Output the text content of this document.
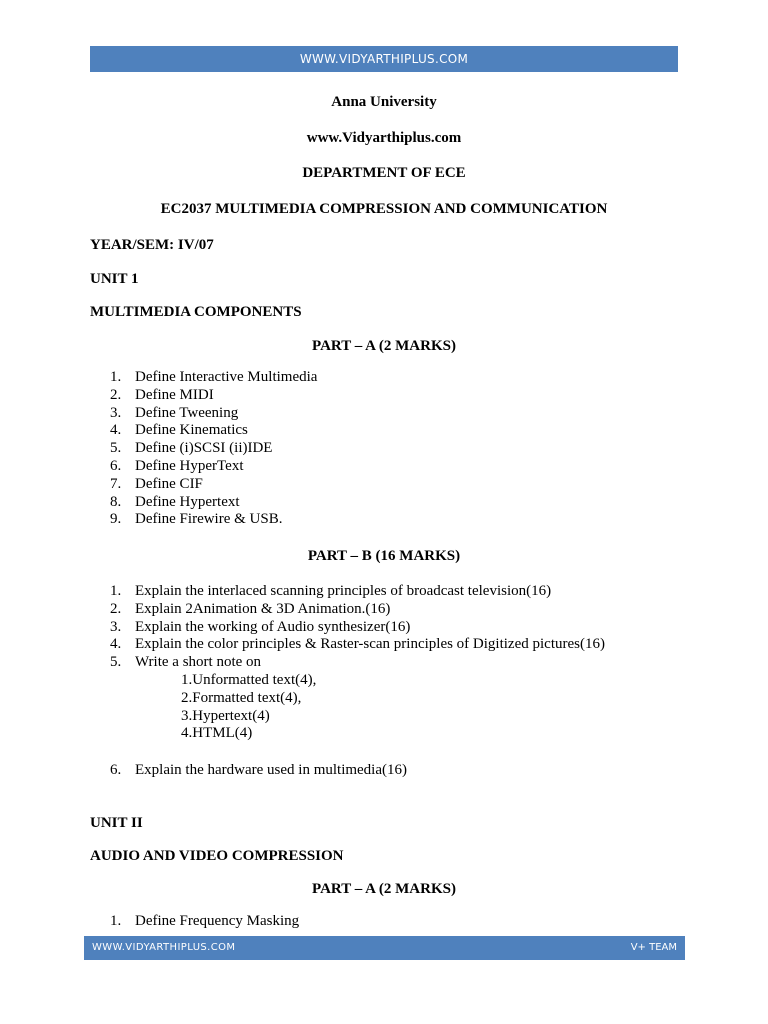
WWW.VIDYARTHIPLUS.COM
Anna University
www.Vidyarthiplus.com
DEPARTMENT OF ECE
EC2037 MULTIMEDIA COMPRESSION AND COMMUNICATION
YEAR/SEM: IV/07
UNIT 1
MULTIMEDIA COMPONENTS
PART – A (2 MARKS)
1. Define Interactive Multimedia
2. Define MIDI
3. Define Tweening
4. Define Kinematics
5. Define (i)SCSI (ii)IDE
6. Define HyperText
7. Define CIF
8. Define Hypertext
9. Define Firewire & USB.
PART – B (16 MARKS)
1. Explain the interlaced scanning principles of broadcast television(16)
2. Explain 2Animation & 3D Animation.(16)
3. Explain the working of Audio synthesizer(16)
4. Explain the color principles & Raster-scan principles of Digitized pictures(16)
5. Write a short note on
1.Unformatted text(4),
2.Formatted text(4),
3.Hypertext(4)
4.HTML(4)
6. Explain the hardware used in multimedia(16)
UNIT II
AUDIO AND VIDEO COMPRESSION
PART – A (2 MARKS)
1. Define Frequency Masking
WWW.VIDYARTHIPLUS.COM	V+ TEAM
